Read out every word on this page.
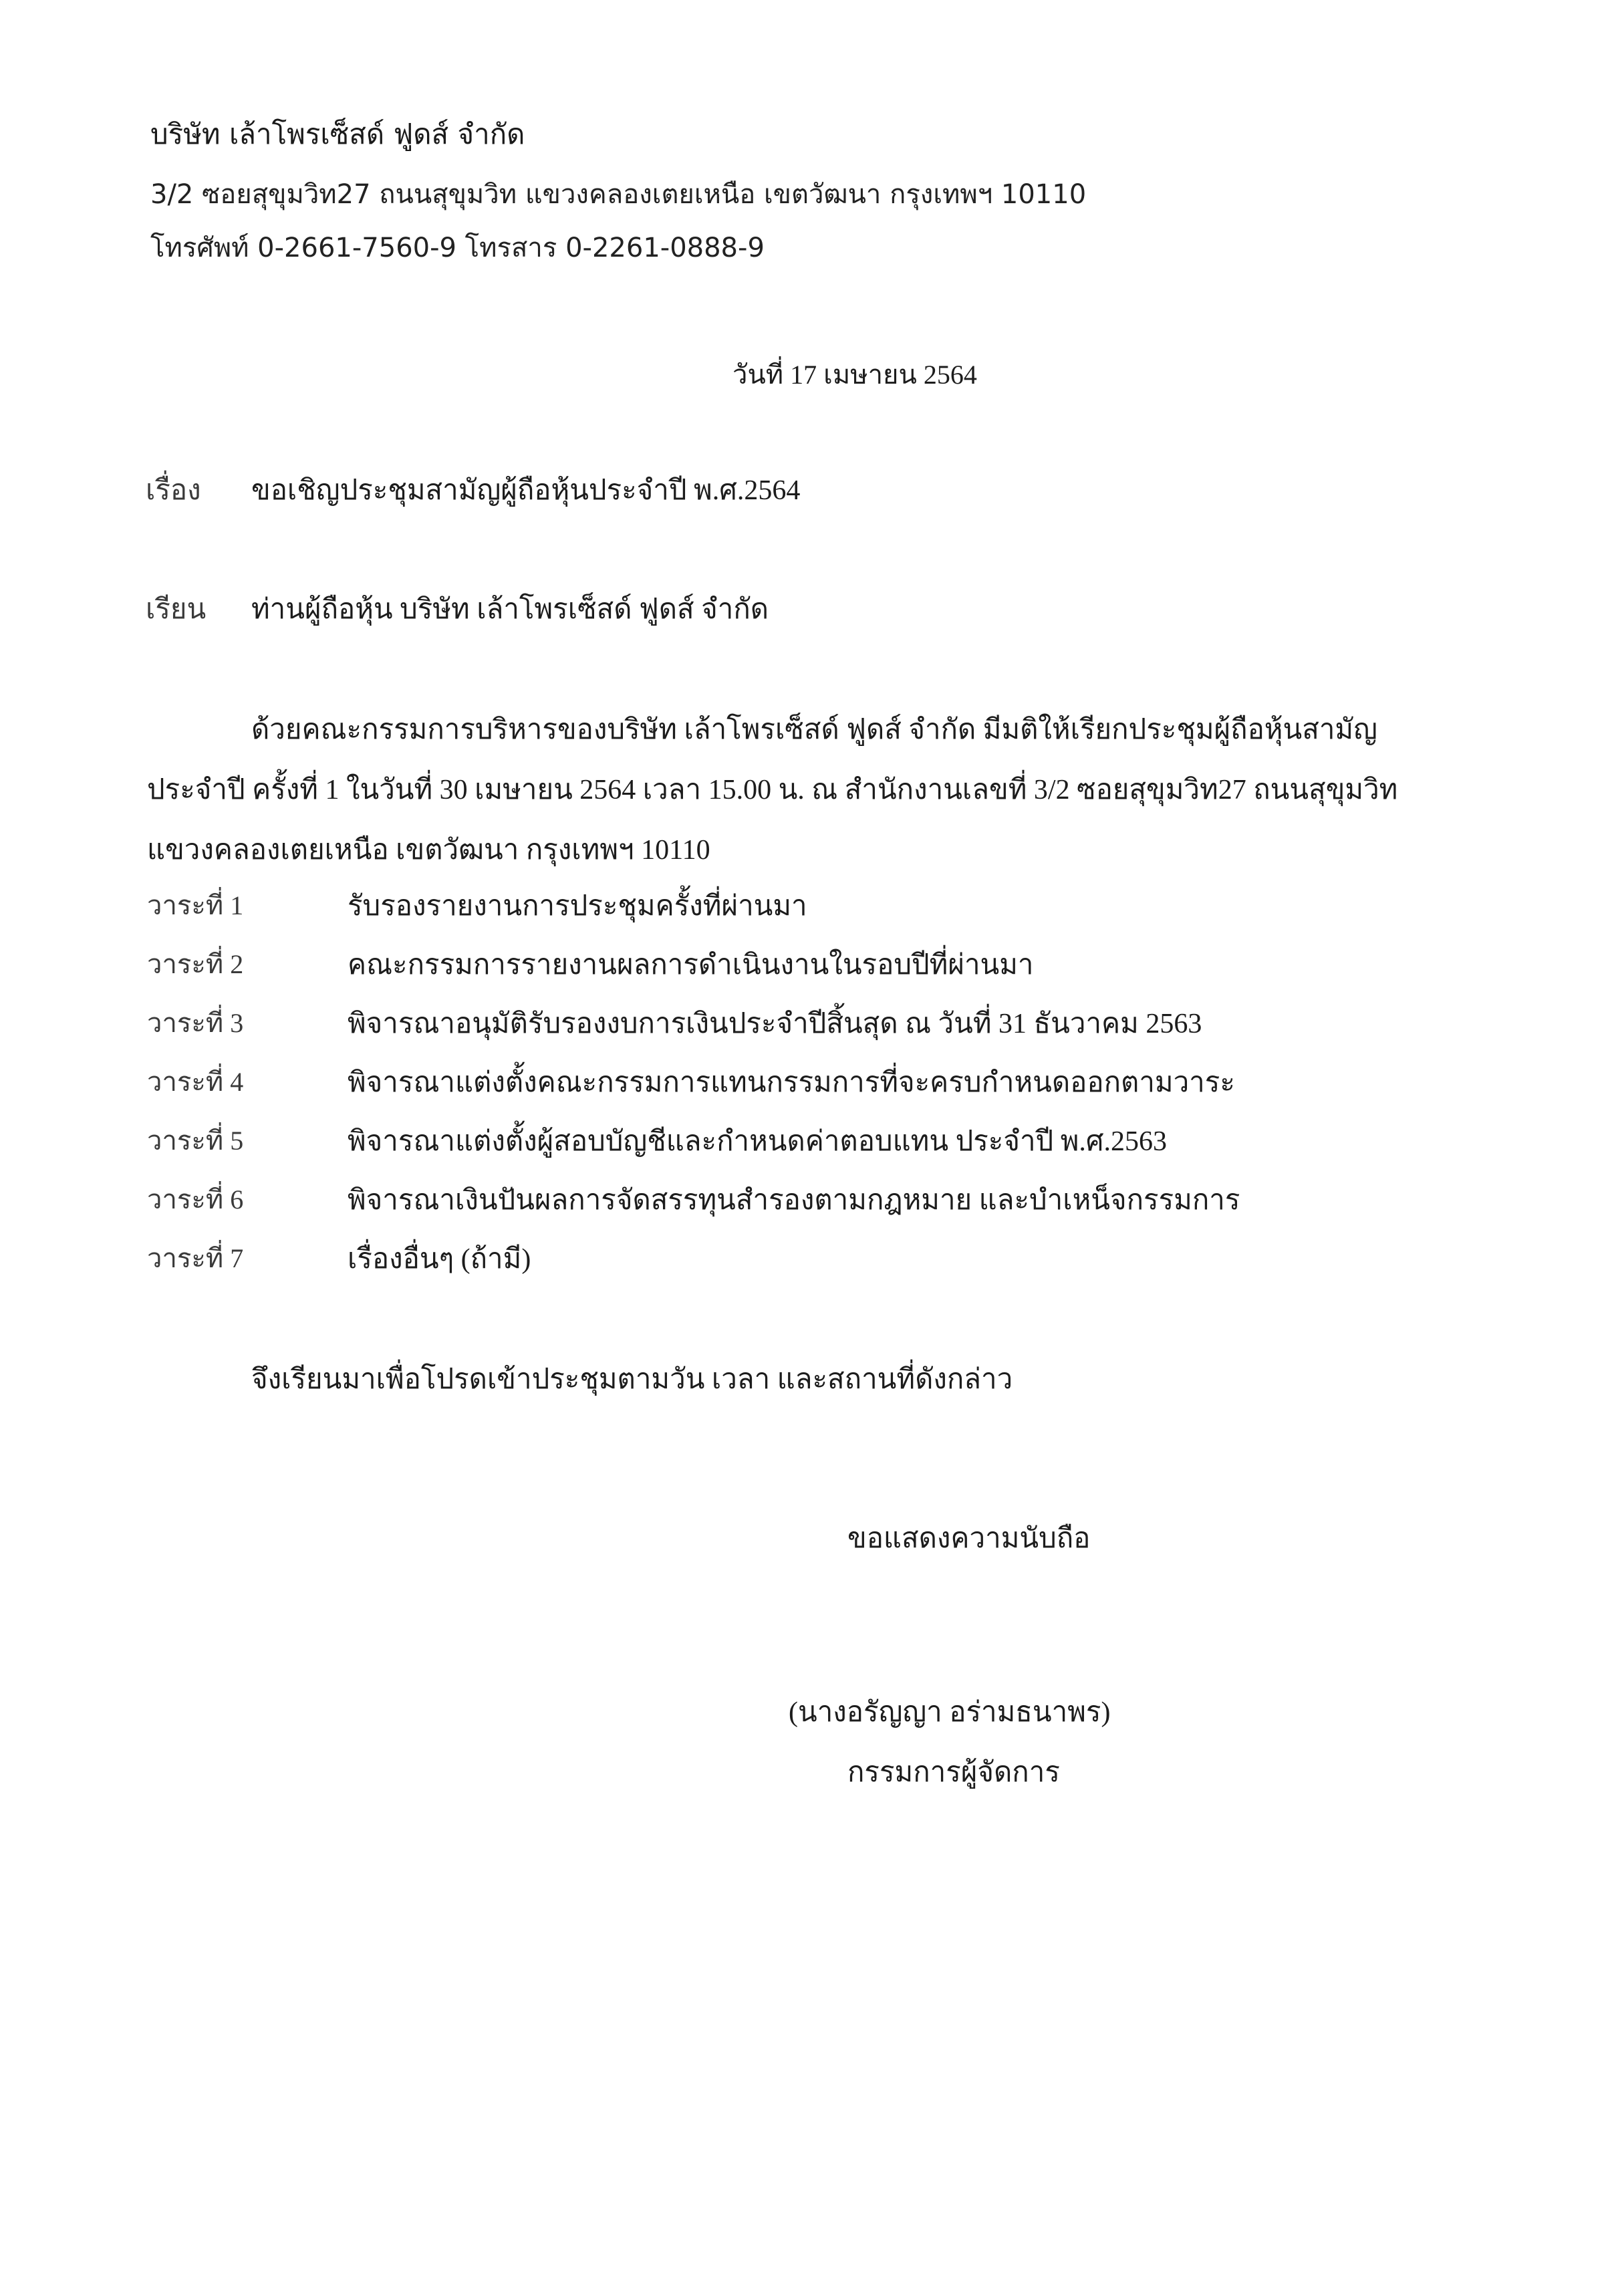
บริษัท เล้าโพรเซ็สด์ ฟูดส์ จำกัด
3/2 ซอยสุขุมวิท27 ถนนสุขุมวิท แขวงคลองเตยเหนือ เขตวัฒนา กรุงเทพฯ 10110
โทรศัพท์ 0-2661-7560-9 โทรสาร 0-2261-0888-9
วันที่ 17 เมษายน 2564
เรื่อง ขอเชิญประชุมสามัญผู้ถือหุ้นประจำปี พ.ศ.2564
เรียน ท่านผู้ถือหุ้น บริษัท เล้าโพรเซ็สด์ ฟูดส์ จำกัด
ด้วยคณะกรรมการบริหารของบริษัท เล้าโพรเซ็สด์ ฟูดส์ จำกัด มีมติให้เรียกประชุมผู้ถือหุ้นสามัญ
ประจำปี ครั้งที่ 1 ในวันที่ 30 เมษายน 2564 เวลา 15.00 น. ณ สำนักงานเลขที่ 3/2 ซอยสุขุมวิท27 ถนนสุขุมวิท
แขวงคลองเตยเหนือ เขตวัฒนา กรุงเทพฯ 10110
วาระที่ 1	รับรองรายงานการประชุมครั้งที่ผ่านมา
วาระที่ 2	คณะกรรมการรายงานผลการดำเนินงานในรอบปีที่ผ่านมา
วาระที่ 3	พิจารณาอนุมัติรับรองงบการเงินประจำปีสิ้นสุด ณ วันที่ 31 ธันวาคม 2563
วาระที่ 4	พิจารณาแต่งตั้งคณะกรรมการแทนกรรมการที่จะครบกำหนดออกตามวาระ
วาระที่ 5	พิจารณาแต่งตั้งผู้สอบบัญชีและกำหนดค่าตอบแทน ประจำปี พ.ศ.2563
วาระที่ 6	พิจารณาเงินปันผลการจัดสรรทุนสำรองตามกฎหมาย และบำเหน็จกรรมการ
วาระที่ 7	เรื่องอื่นๆ (ถ้ามี)
จึงเรียนมาเพื่อโปรดเข้าประชุมตามวัน เวลา และสถานที่ดังกล่าว
ขอแสดงความนับถือ
(นางอรัญญา อร่ามธนาพร)
กรรมการผู้จัดการ
